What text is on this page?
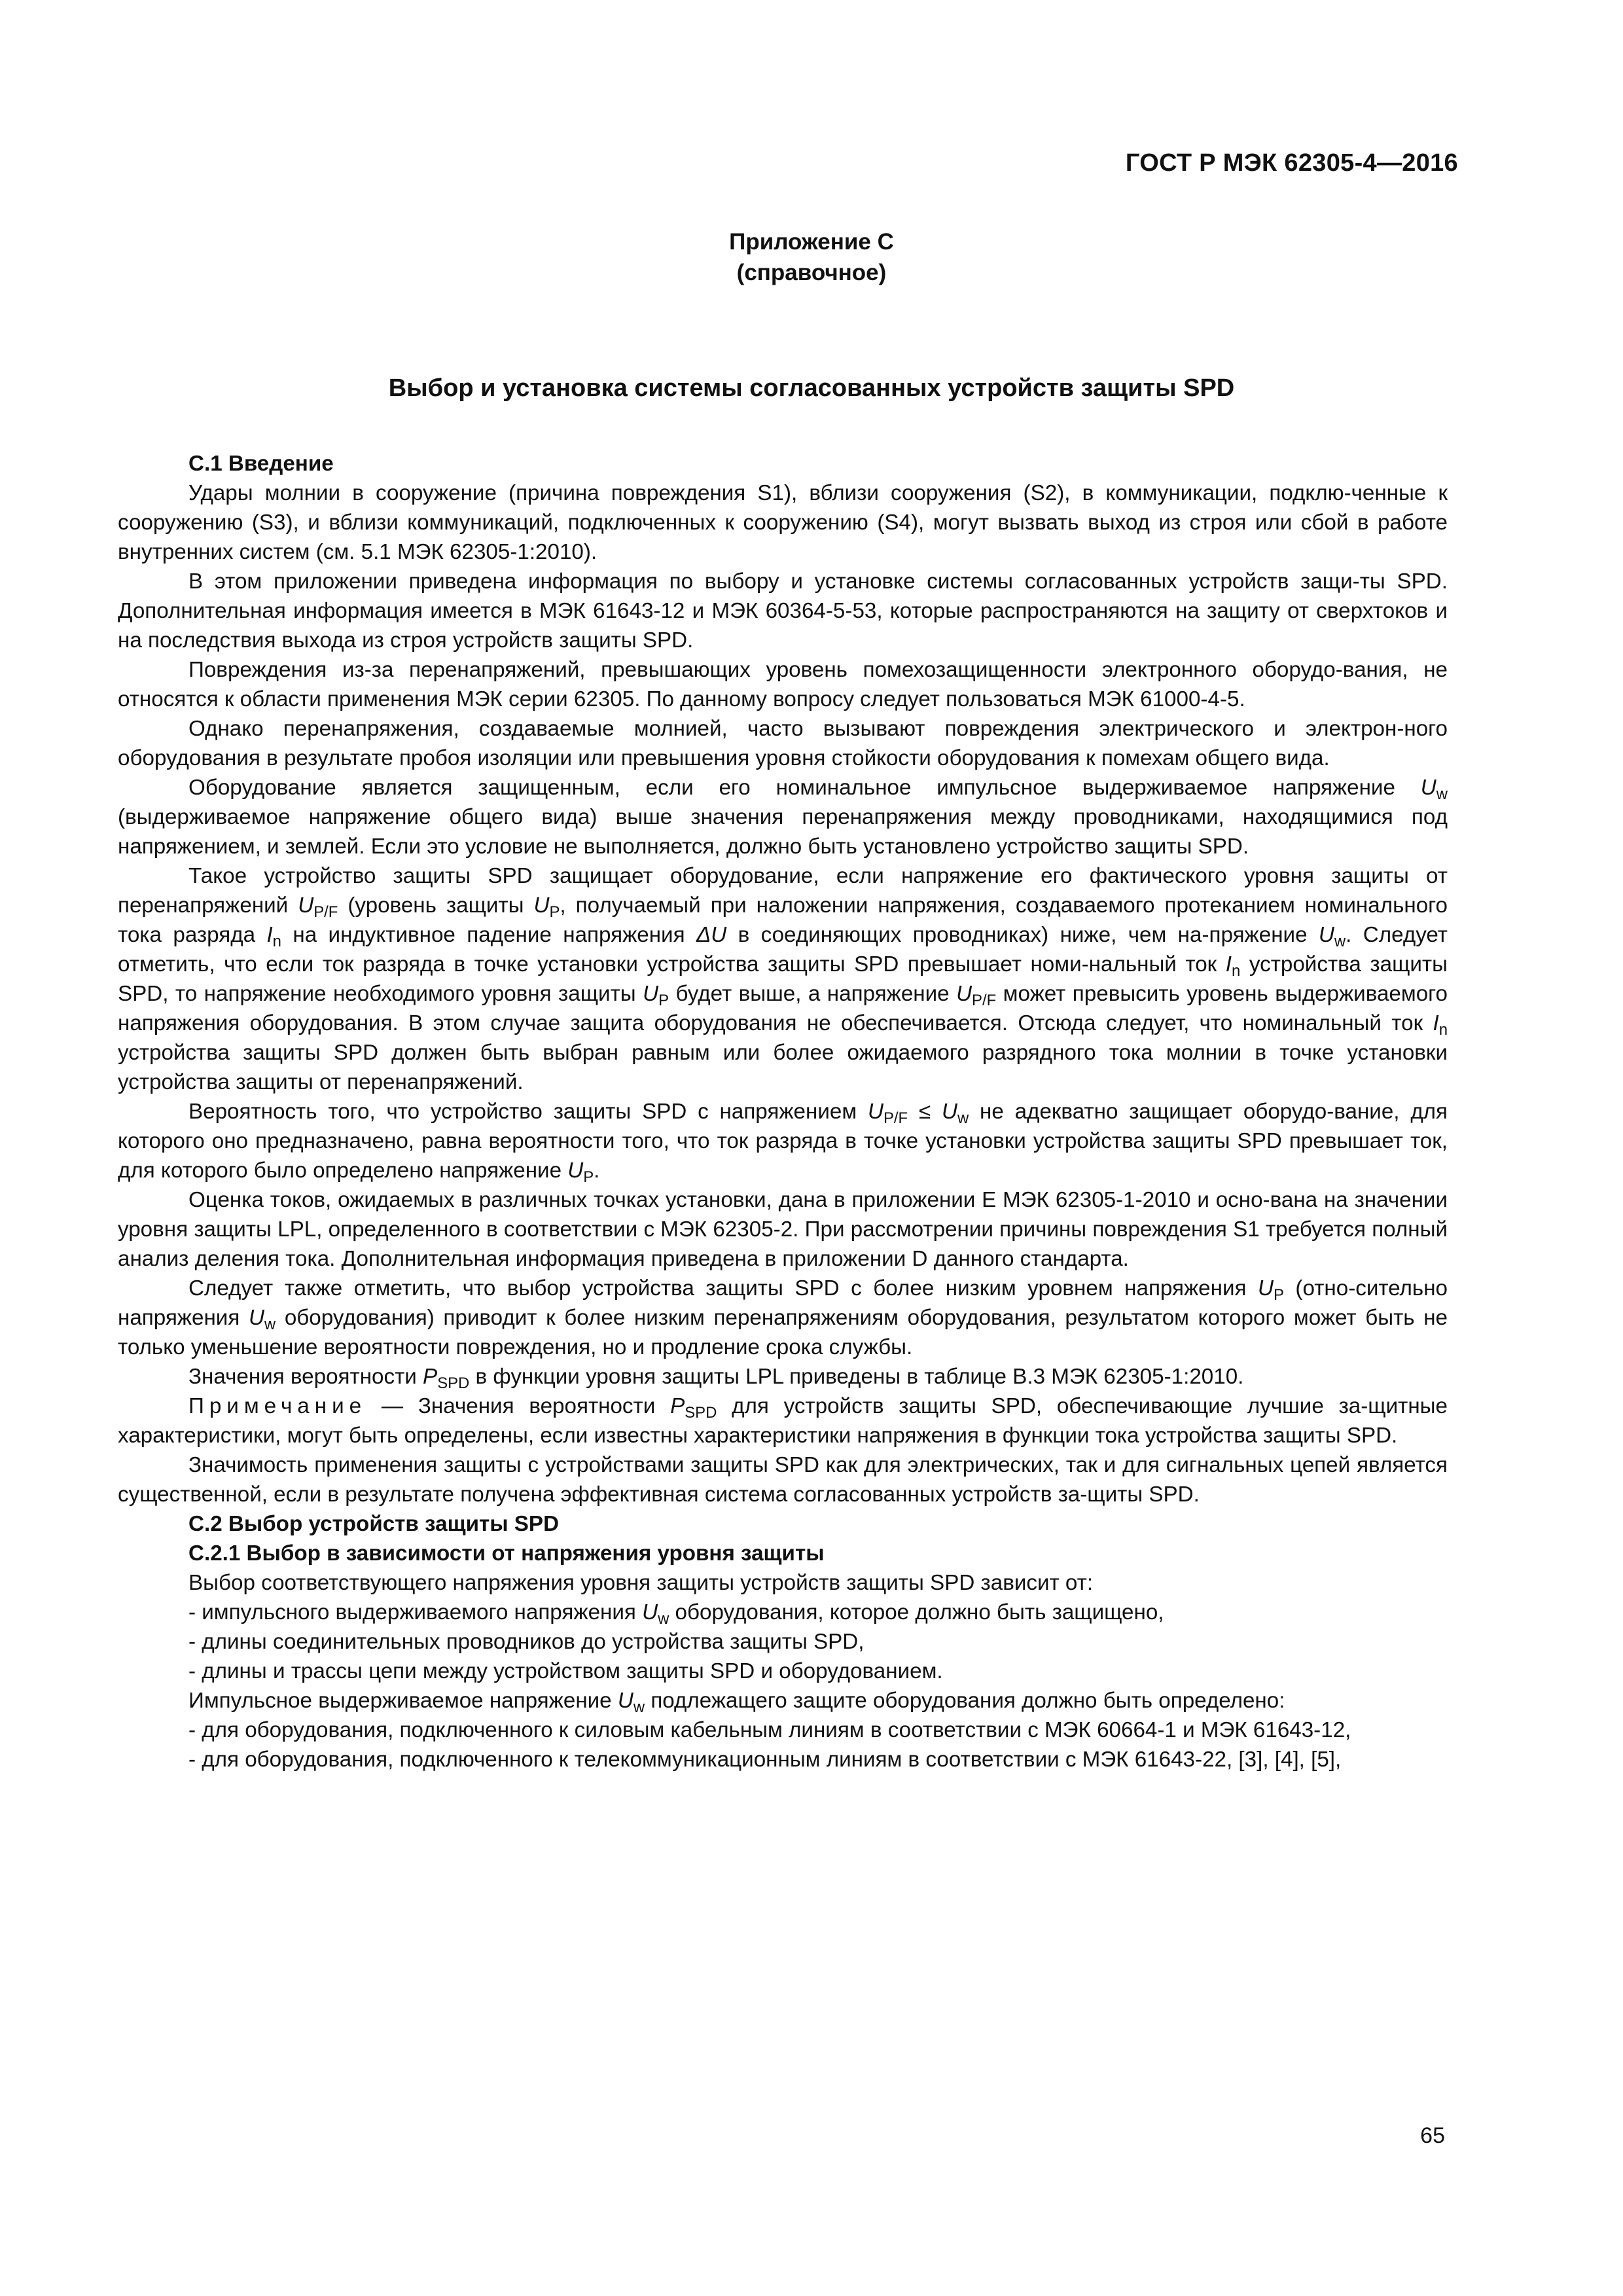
ГОСТ Р МЭК 62305-4—2016
Приложение С
(справочное)
Выбор и установка системы согласованных устройств защиты SPD

С.1 Введение

Удары молнии в сооружение (причина повреждения S1), вблизи сооружения (S2), в коммуникации, подклю-ченные к сооружению (S3), и вблизи коммуникаций, подключенных к сооружению (S4), могут вызвать выход из строя или сбой в работе внутренних систем (см. 5.1 МЭК 62305-1:2010).

В этом приложении приведена информация по выбору и установке системы согласованных устройств защи-ты SPD. Дополнительная информация имеется в МЭК 61643-12 и МЭК 60364-5-53, которые распространяются на защиту от сверхтоков и на последствия выхода из строя устройств защиты SPD.

Повреждения из-за перенапряжений, превышающих уровень помехозащищенности электронного оборудо-вания, не относятся к области применения МЭК серии 62305. По данному вопросу следует пользоваться МЭК 61000-4-5.

Однако перенапряжения, создаваемые молнией, часто вызывают повреждения электрического и электрон-ного оборудования в результате пробоя изоляции или превышения уровня стойкости оборудования к помехам общего вида.

Оборудование является защищенным, если его номинальное импульсное выдерживаемое напряжение $U_w$ (выдерживаемое напряжение общего вида) выше значения перенапряжения между проводниками, находящимися под напряжением, и землей. Если это условие не выполняется, должно быть установлено устройство защиты SPD.

Такое устройство защиты SPD защищает оборудование, если напряжение его фактического уровня защиты от перенапряжений $U_{P/F}$ (уровень защиты $U_P$, получаемый при наложении напряжения, создаваемого протеканием номинального тока разряда $I_n$ на индуктивное падение напряжения ΔU в соединяющих проводниках) ниже, чем на-пряжение $U_w$. Следует отметить, что если ток разряда в точке установки устройства защиты SPD превышает номи-нальный ток $I_n$ устройства защиты SPD, то напряжение необходимого уровня защиты $U_P$ будет выше, а напряжение $U_{P/F}$ может превысить уровень выдерживаемого напряжения оборудования. В этом случае защита оборудования не обеспечивается. Отсюда следует, что номинальный ток $I_n$ устройства защиты SPD должен быть выбран равным или более ожидаемого разрядного тока молнии в точке установки устройства защиты от перенапряжений.

Вероятность того, что устройство защиты SPD с напряжением $U_{P/F} \le U_w$ не адекватно защищает оборудо-вание, для которого оно предназначено, равна вероятности того, что ток разряда в точке установки устройства защиты SPD превышает ток, для которого было определено напряжение $U_P$.

Оценка токов, ожидаемых в различных точках установки, дана в приложении Е МЭК 62305-1-2010 и осно-вана на значении уровня защиты LPL, определенного в соответствии с МЭК 62305-2. При рассмотрении причины повреждения S1 требуется полный анализ деления тока. Дополнительная информация приведена в приложении D данного стандарта.

Следует также отметить, что выбор устройства защиты SPD с более низким уровнем напряжения $U_P$ (отно-сительно напряжения $U_w$ оборудования) приводит к более низким перенапряжениям оборудования, результатом которого может быть не только уменьшение вероятности повреждения, но и продление срока службы.

Значения вероятности $P_{SPD}$ в функции уровня защиты LPL приведены в таблице B.3 МЭК 62305-1:2010.

Примечание — Значения вероятности $P_{SPD}$ для устройств защиты SPD, обеспечивающие лучшие за-щитные характеристики, могут быть определены, если известны характеристики напряжения в функции тока устройства защиты SPD.

Значимость применения защиты с устройствами защиты SPD как для электрических, так и для сигнальных цепей является существенной, если в результате получена эффективная система согласованных устройств за-щиты SPD.

С.2 Выбор устройств защиты SPD

С.2.1 Выбор в зависимости от напряжения уровня защиты

Выбор соответствующего напряжения уровня защиты устройств защиты SPD зависит от:

- импульсного выдерживаемого напряжения $U_w$ оборудования, которое должно быть защищено,

- длины соединительных проводников до устройства защиты SPD,

- длины и трассы цепи между устройством защиты SPD и оборудованием.

Импульсное выдерживаемое напряжение $U_w$ подлежащего защите оборудования должно быть определено:

- для оборудования, подключенного к силовым кабельным линиям в соответствии с МЭК 60664-1 и МЭК 61643-12,

- для оборудования, подключенного к телекоммуникационным линиям в соответствии с МЭК 61643-22, [3], [4], [5],

65
